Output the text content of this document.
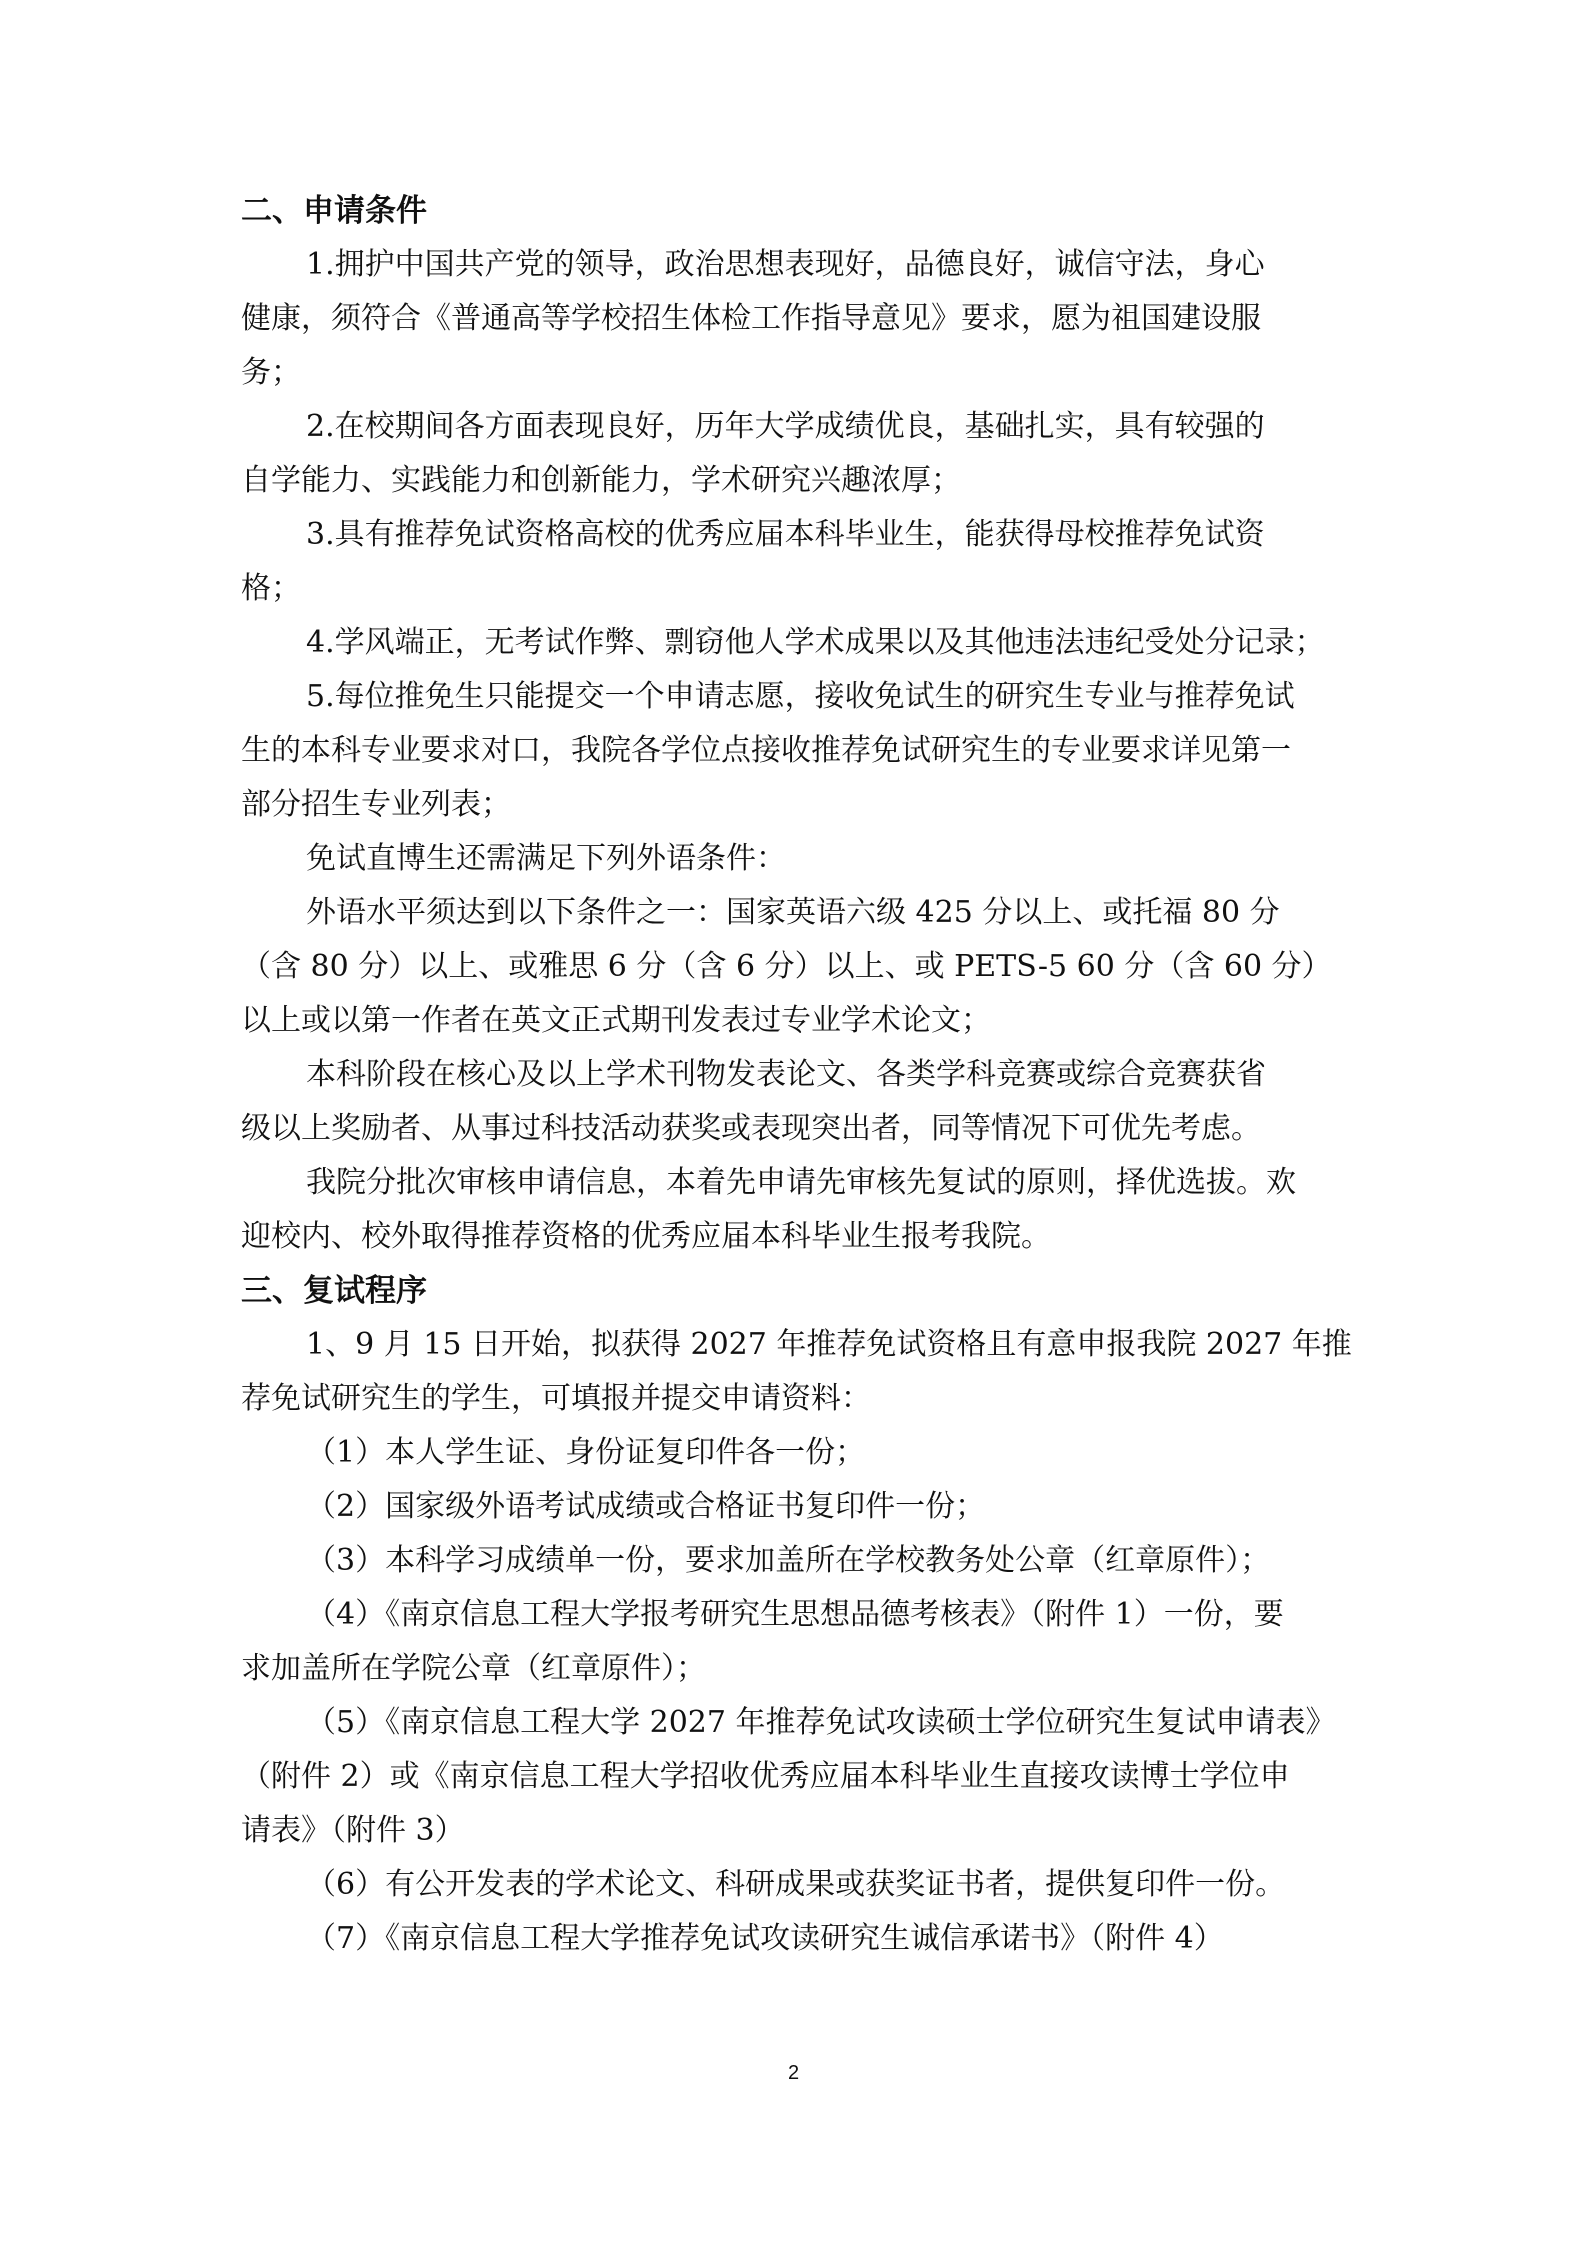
二、申请条件
1.拥护中国共产党的领导，政治思想表现好，品德良好，诚信守法，身心
健康，须符合《普通高等学校招生体检工作指导意见》要求，愿为祖国建设服
务；
2.在校期间各方面表现良好，历年大学成绩优良，基础扎实，具有较强的
自学能力、实践能力和创新能力，学术研究兴趣浓厚；
3.具有推荐免试资格高校的优秀应届本科毕业生，能获得母校推荐免试资
格；
4.学风端正，无考试作弊、剽窃他人学术成果以及其他违法违纪受处分记录；
5.每位推免生只能提交一个申请志愿，接收免试生的研究生专业与推荐免试
生的本科专业要求对口，我院各学位点接收推荐免试研究生的专业要求详见第一
部分招生专业列表；
免试直博生还需满足下列外语条件：
外语水平须达到以下条件之一：国家英语六级 425 分以上、或托福 80 分
（含 80 分）以上、或雅思 6 分（含 6 分）以上、或 PETS-5 60 分（含 60 分）
以上或以第一作者在英文正式期刊发表过专业学术论文；
本科阶段在核心及以上学术刊物发表论文、各类学科竞赛或综合竞赛获省
级以上奖励者、从事过科技活动获奖或表现突出者，同等情况下可优先考虑。
我院分批次审核申请信息，本着先申请先审核先复试的原则，择优选拔。欢
迎校内、校外取得推荐资格的优秀应届本科毕业生报考我院。
三、复试程序
1、9 月 15 日开始，拟获得 2027 年推荐免试资格且有意申报我院 2027 年推
荐免试研究生的学生，可填报并提交申请资料：
（1）本人学生证、身份证复印件各一份；
（2）国家级外语考试成绩或合格证书复印件一份；
（3）本科学习成绩单一份，要求加盖所在学校教务处公章（红章原件）；
（4）《南京信息工程大学报考研究生思想品德考核表》（附件 1）一份，要
求加盖所在学院公章（红章原件）；
（5）《南京信息工程大学 2027 年推荐免试攻读硕士学位研究生复试申请表》
（附件 2）或《南京信息工程大学招收优秀应届本科毕业生直接攻读博士学位申
请表》（附件 3）
（6）有公开发表的学术论文、科研成果或获奖证书者，提供复印件一份。
（7）《南京信息工程大学推荐免试攻读研究生诚信承诺书》（附件 4）
2
